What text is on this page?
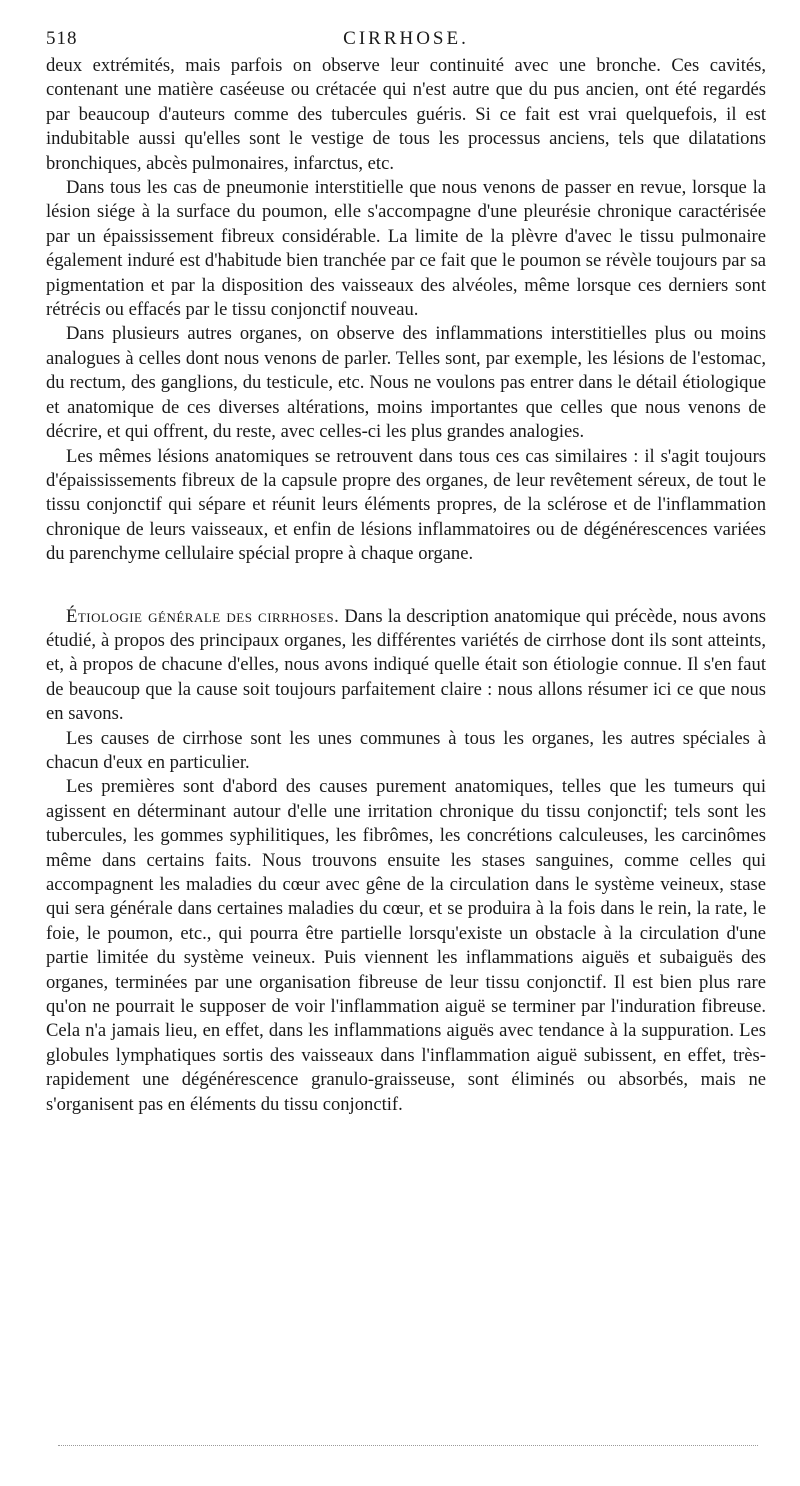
518	CIRRHOSE.

deux extrémités, mais parfois on observe leur continuité avec une bronche. Ces cavités, contenant une matière caséeuse ou crétacée qui n'est autre que du pus ancien, ont été regardés par beaucoup d'auteurs comme des tubercules guéris. Si ce fait est vrai quelquefois, il est indubitable aussi qu'elles sont le vestige de tous les processus anciens, tels que dilatations bronchiques, abcès pulmonaires, infarctus, etc.

Dans tous les cas de pneumonie interstitielle que nous venons de passer en revue, lorsque la lésion siége à la surface du poumon, elle s'accompagne d'une pleurésie chronique caractérisée par un épaississement fibreux considérable. La limite de la plèvre d'avec le tissu pulmonaire également induré est d'habitude bien tranchée par ce fait que le poumon se révèle toujours par sa pigmentation et par la disposition des vaisseaux des alvéoles, même lorsque ces derniers sont rétrécis ou effacés par le tissu conjonctif nouveau.

Dans plusieurs autres organes, on observe des inflammations interstitielles plus ou moins analogues à celles dont nous venons de parler. Telles sont, par exemple, les lésions de l'estomac, du rectum, des ganglions, du testicule, etc. Nous ne voulons pas entrer dans le détail étiologique et anatomique de ces diverses altérations, moins importantes que celles que nous venons de décrire, et qui offrent, du reste, avec celles-ci les plus grandes analogies.

Les mêmes lésions anatomiques se retrouvent dans tous ces cas similaires : il s'agit toujours d'épaississements fibreux de la capsule propre des organes, de leur revêtement séreux, de tout le tissu conjonctif qui sépare et réunit leurs éléments propres, de la sclérose et de l'inflammation chronique de leurs vaisseaux, et enfin de lésions inflammatoires ou de dégénérescences variées du parenchyme cellulaire spécial propre à chaque organe.

Étiologie générale des cirrhoses. Dans la description anatomique qui précède, nous avons étudié, à propos des principaux organes, les différentes variétés de cirrhose dont ils sont atteints, et, à propos de chacune d'elles, nous avons indiqué quelle était son étiologie connue. Il s'en faut de beaucoup que la cause soit toujours parfaitement claire : nous allons résumer ici ce que nous en savons.

Les causes de cirrhose sont les unes communes à tous les organes, les autres spéciales à chacun d'eux en particulier.

Les premières sont d'abord des causes purement anatomiques, telles que les tumeurs qui agissent en déterminant autour d'elle une irritation chronique du tissu conjonctif; tels sont les tubercules, les gommes syphilitiques, les fibrômes, les concrétions calculeuses, les carcinômes même dans certains faits. Nous trouvons ensuite les stases sanguines, comme celles qui accompagnent les maladies du cœur avec gêne de la circulation dans le système veineux, stase qui sera générale dans certaines maladies du cœur, et se produira à la fois dans le rein, la rate, le foie, le poumon, etc., qui pourra être partielle lorsqu'existe un obstacle à la circulation d'une partie limitée du système veineux. Puis viennent les inflammations aiguës et subaiguës des organes, terminées par une organisation fibreuse de leur tissu conjonctif. Il est bien plus rare qu'on ne pourrait le supposer de voir l'inflammation aiguë se terminer par l'induration fibreuse. Cela n'a jamais lieu, en effet, dans les inflammations aiguës avec tendance à la suppuration. Les globules lymphatiques sortis des vaisseaux dans l'inflammation aiguë subissent, en effet, très-rapidement une dégénérescence granulo-graisseuse, sont éliminés ou absorbés, mais ne s'organisent pas en éléments du tissu conjonctif.
